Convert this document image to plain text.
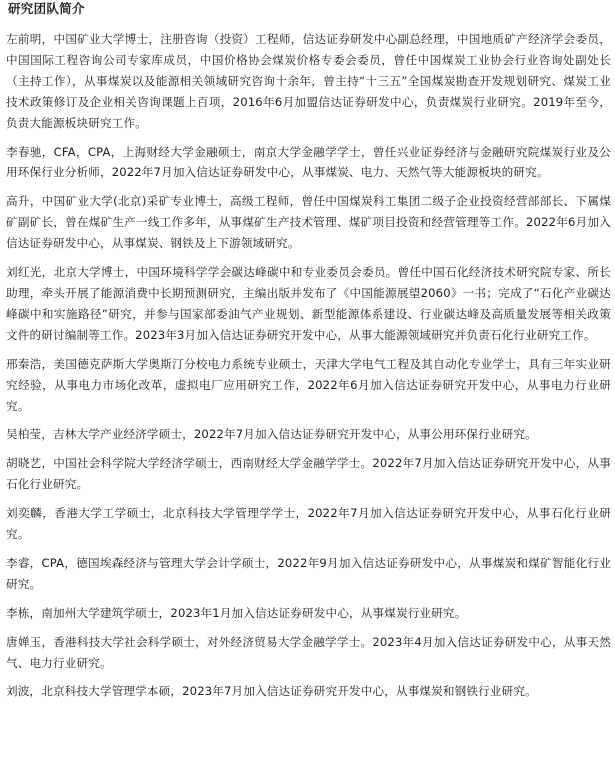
研究团队简介

左前明，中国矿业大学博士，注册咨询（投资）工程师，信达证券研发中心副总经理，中国地质矿产经济学会委员，中国国际工程咨询公司专家库成员，中国价格协会煤炭价格专委会委员，曾任中国煤炭工业协会行业咨询处副处长（主持工作），从事煤炭以及能源相关领域研究咨询十余年，曾主持“十三五”全国煤炭勘查开发规划研究、煤炭工业技术政策修订及企业相关咨询课题上百项，2016年6月加盟信达证券研发中心，负责煤炭行业研究。2019年至今，负责大能源板块研究工作。

李春驰，CFA，CPA，上海财经大学金融硕士，南京大学金融学学士，曾任兴业证券经济与金融研究院煤炭行业及公用环保行业分析师，2022年7月加入信达证券研发中心，从事煤炭、电力、天然气等大能源板块的研究。

高升，中国矿业大学(北京)采矿专业博士，高级工程师，曾任中国煤炭科工集团二级子企业投资经营部部长、下属煤矿副矿长，曾在煤矿生产一线工作多年，从事煤矿生产技术管理、煤矿项目投资和经营管理等工作。2022年6月加入信达证券研发中心，从事煤炭、钢铁及上下游领域研究。

刘红光，北京大学博士，中国环境科学学会碳达峰碳中和专业委员会委员。曾任中国石化经济技术研究院专家、所长助理，牵头开展了能源消费中长期预测研究，主编出版并发布了《中国能源展望2060》一书；完成了“石化产业碳达峰碳中和实施路径”研究，并参与国家部委油气产业规划、新型能源体系建设、行业碳达峰及高质量发展等相关政策文件的研讨编制等工作。2023年3月加入信达证券研究开发中心，从事大能源领域研究并负责石化行业研究工作。

邢秦浩，美国德克萨斯大学奥斯汀分校电力系统专业硕士，天津大学电气工程及其自动化专业学士，具有三年实业研究经验，从事电力市场化改革，虚拟电厂应用研究工作，2022年6月加入信达证券研究开发中心，从事电力行业研究。

吴柏莹，吉林大学产业经济学硕士，2022年7月加入信达证券研究开发中心，从事公用环保行业研究。

胡晓艺，中国社会科学院大学经济学硕士，西南财经大学金融学学士。2022年7月加入信达证券研究开发中心，从事石化行业研究。

刘奕麟，香港大学工学硕士，北京科技大学管理学学士，2022年7月加入信达证券研究开发中心，从事石化行业研究。

李睿，CPA，德国埃森经济与管理大学会计学硕士，2022年9月加入信达证券研发中心，从事煤炭和煤矿智能化行业研究。

李栋，南加州大学建筑学硕士，2023年1月加入信达证券研发中心，从事煤炭行业研究。

唐婵玉，香港科技大学社会科学硕士，对外经济贸易大学金融学学士。2023年4月加入信达证券研发中心，从事天然气、电力行业研究。

刘波，北京科技大学管理学本硕，2023年7月加入信达证券研究开发中心，从事煤炭和钢铁行业研究。
